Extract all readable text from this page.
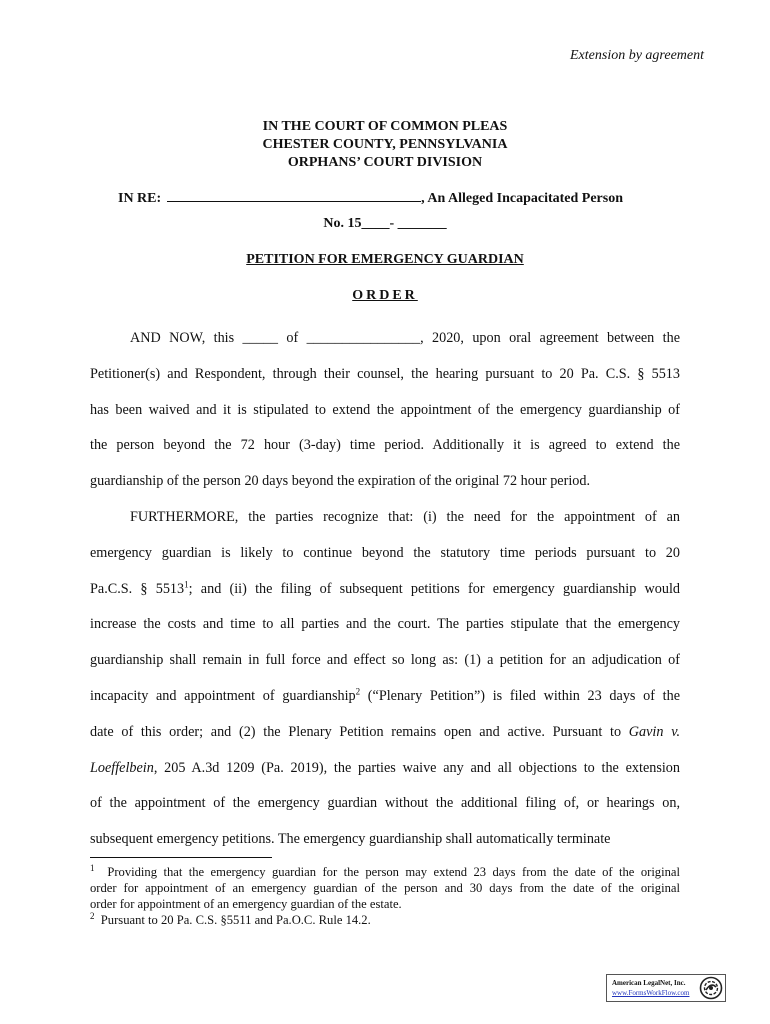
Extension by agreement
IN THE COURT OF COMMON PLEAS
CHESTER COUNTY, PENNSYLVANIA
ORPHANS’ COURT DIVISION
IN RE:	, An Alleged Incapacitated Person
No. 15____- _______
PETITION FOR EMERGENCY GUARDIAN
ORDER
AND NOW, this _____ of ________________, 2020, upon oral agreement between the
Petitioner(s) and Respondent, through their counsel, the hearing pursuant to 20 Pa. C.S. § 5513
has been waived and it is stipulated to extend the appointment of the emergency guardianship of
the person beyond the 72 hour (3-day) time period. Additionally it is agreed to extend the
guardianship of the person 20 days beyond the expiration of the original 72 hour period.
FURTHERMORE, the parties recognize that: (i) the need for the appointment of an
emergency guardian is likely to continue beyond the statutory time periods pursuant to 20
Pa.C.S. § 5513$^1$; and (ii) the filing of subsequent petitions for emergency guardianship would
increase the costs and time to all parties and the court. The parties stipulate that the emergency
guardianship shall remain in full force and effect so long as: (1) a petition for an adjudication of
incapacity and appointment of guardianship$^2$ (“Plenary Petition”) is filed within 23 days of the
date of this order; and (2) the Plenary Petition remains open and active. Pursuant to Gavin v.
Loeffelbein, 205 A.3d 1209 (Pa. 2019), the parties waive any and all objections to the extension
of the appointment of the emergency guardian without the additional filing of, or hearings on,
subsequent emergency petitions. The emergency guardianship shall automatically terminate
$^1$ Providing that the emergency guardian for the person may extend 23 days from the date of the original
order for appointment of an emergency guardian of the person and 30 days from the date of the original
order for appointment of an emergency guardian of the estate.
$^2$ Pursuant to 20 Pa. C.S. §5511 and Pa.O.C. Rule 14.2.
American LegalNet, Inc.
www.FormsWorkFlow.com
